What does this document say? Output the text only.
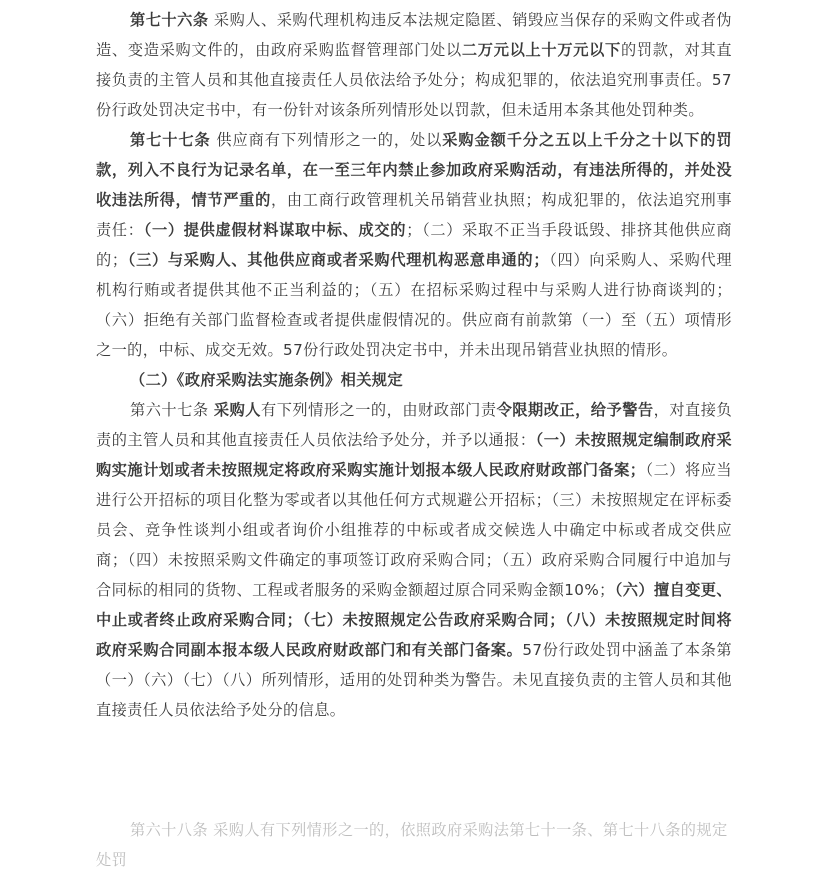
第七十六条 采购人、采购代理机构违反本法规定隐匿、销毁应当保存的采购文件或者伪造、变造采购文件的，由政府采购监督管理部门处以二万元以上十万元以下的罚款，对其直接负责的主管人员和其他直接责任人员依法给予处分；构成犯罪的，依法追究刑事责任。57份行政处罚决定书中，有一份针对该条所列情形处以罚款，但未适用本条其他处罚种类。

第七十七条 供应商有下列情形之一的，处以采购金额千分之五以上千分之十以下的罚款，列入不良行为记录名单，在一至三年内禁止参加政府采购活动，有违法所得的，并处没收违法所得，情节严重的，由工商行政管理机关吊销营业执照；构成犯罪的，依法追究刑事责任：（一）提供虚假材料谋取中标、成交的；（二）采取不正当手段诋毁、排挤其他供应商的；（三）与采购人、其他供应商或者采购代理机构恶意串通的；（四）向采购人、采购代理机构行贿或者提供其他不正当利益的；（五）在招标采购过程中与采购人进行协商谈判的；（六）拒绝有关部门监督检查或者提供虚假情况的。供应商有前款第（一）至（五）项情形之一的，中标、成交无效。57份行政处罚决定书中，并未出现吊销营业执照的情形。

（二）《政府采购法实施条例》相关规定

第六十七条 采购人有下列情形之一的，由财政部门责令限期改正，给予警告，对直接负责的主管人员和其他直接责任人员依法给予处分，并予以通报：（一）未按照规定编制政府采购实施计划或者未按照规定将政府采购实施计划报本级人民政府财政部门备案；（二）将应当进行公开招标的项目化整为零或者以其他任何方式规避公开招标；（三）未按照规定在评标委员会、竞争性谈判小组或者询价小组推荐的中标或者成交候选人中确定中标或者成交供应商；（四）未按照采购文件确定的事项签订政府采购合同；（五）政府采购合同履行中追加与合同标的相同的货物、工程或者服务的采购金额超过原合同采购金额10%；（六）擅自变更、中止或者终止政府采购合同；（七）未按照规定公告政府采购合同；（八）未按照规定时间将政府采购合同副本报本级人民政府财政部门和有关部门备案。57份行政处罚中涵盖了本条第（一）（六）（七）（八）所列情形，适用的处罚种类为警告。未见直接负责的主管人员和其他直接责任人员依法给予处分的信息。

第六十八条 采购人有下列情形之一的，依照政府采购法第七十一条、第七十八条的规定处罚
